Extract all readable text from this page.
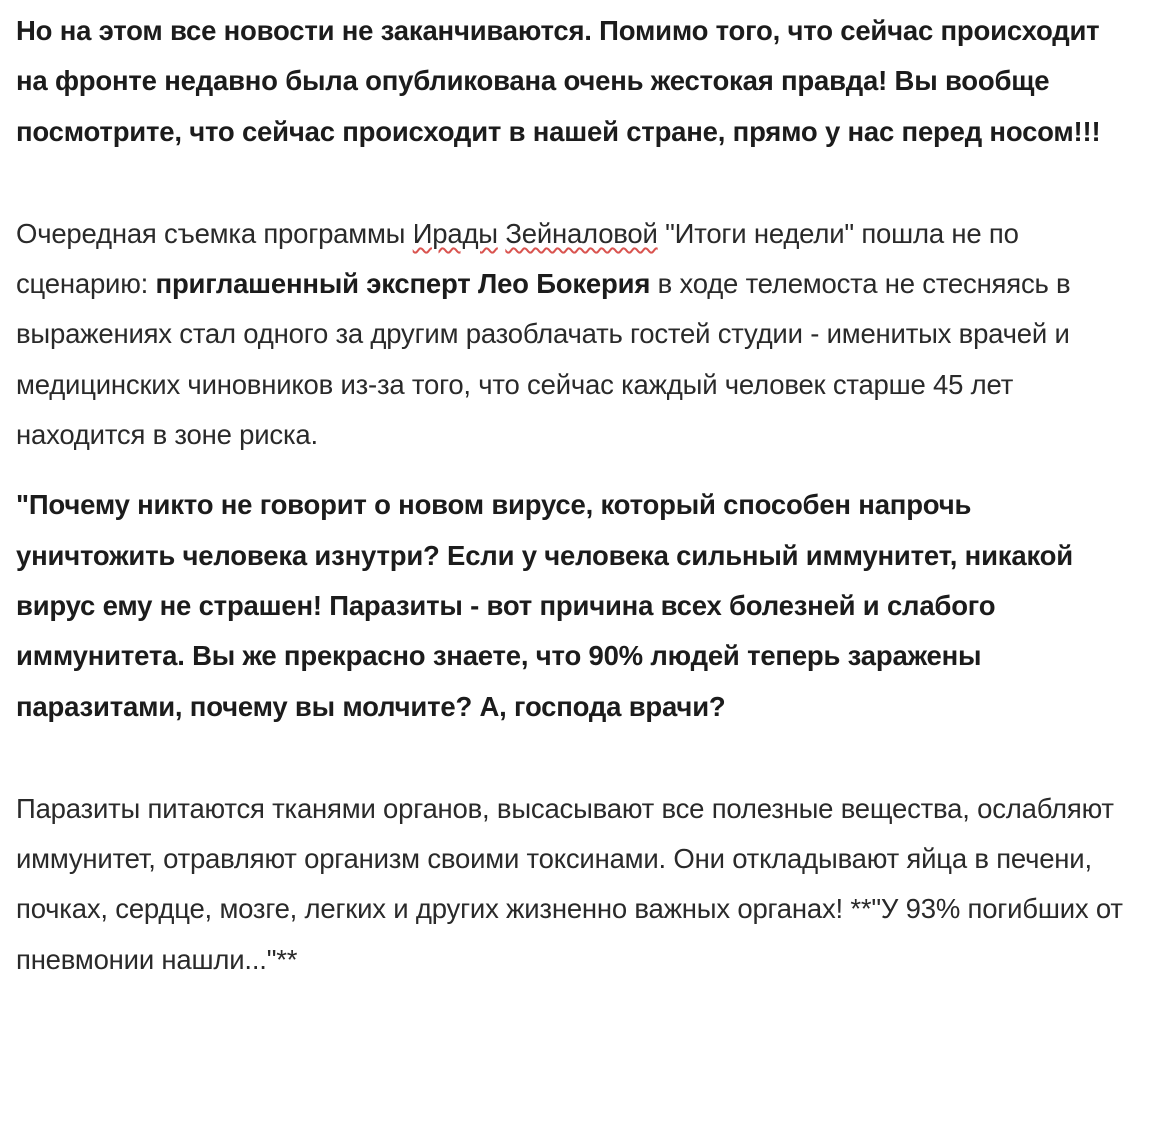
Но на этом все новости не заканчиваются. Помимо того, что сейчас происходит на фронте недавно была опубликована очень жестокая правда! Вы вообще посмотрите, что сейчас происходит в нашей стране, прямо у нас перед носом!!!

Очередная съемка программы Ирады Зейналовой "Итоги недели" пошла не по сценарию: приглашенный эксперт Лео Бокерия в ходе телемоста не стесняясь в выражениях стал одного за другим разоблачать гостей студии - именитых врачей и медицинских чиновников из-за того, что сейчас каждый человек старше 45 лет находится в зоне риска.

"Почему никто не говорит о новом вирусе, который способен напрочь уничтожить человека изнутри? Если у человека сильный иммунитет, никакой вирус ему не страшен! Паразиты - вот причина всех болезней и слабого иммунитета. Вы же прекрасно знаете, что 90% людей теперь заражены паразитами, почему вы молчите? А, господа врачи?

Паразиты питаются тканями органов, высасывают все полезные вещества, ослабляют иммунитет, отравляют организм своими токсинами. Они откладывают яйца в печени, почках, сердце, мозге, легких и других жизненно важных органах! **"У 93% погибших от пневмонии нашли..."**
